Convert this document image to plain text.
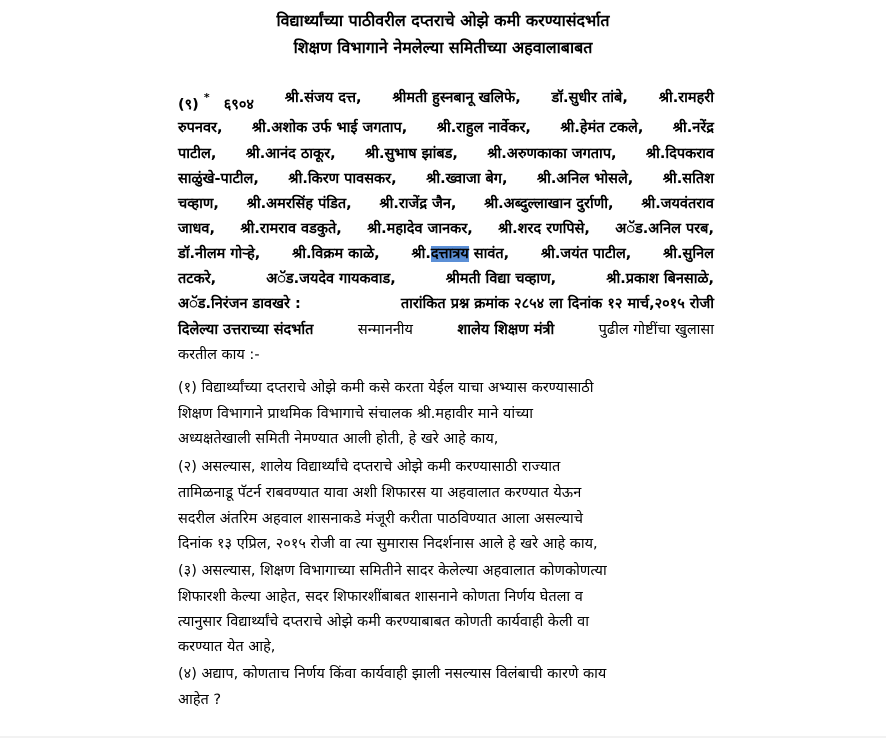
विद्यार्थ्यांच्या पाठीवरील दप्तराचे ओझे कमी करण्यासंदर्भात
शिक्षण विभागाने नेमलेल्या समितीच्या अहवालाबाबत
(९) * ६९०४ श्री.संजय दत्त, श्रीमती हुस्नबानू खलिफे, डॉ.सुधीर तांबे, श्री.रामहरी
रुपनवर, श्री.अशोक उर्फ भाई जगताप, श्री.राहुल नार्वेकर, श्री.हेमंत टकले, श्री.नरेंद्र
पाटील, श्री.आनंद ठाकूर, श्री.सुभाष झांबड, श्री.अरुणकाका जगताप, श्री.दिपकराव
साळुंखे-पाटील, श्री.किरण पावसकर, श्री.ख्वाजा बेग, श्री.अनिल भोसले, श्री.सतिश
चव्हाण, श्री.अमरसिंह पंडित, श्री.राजेंद्र जैन, श्री.अब्दुल्लाखान दुर्राणी, श्री.जयवंतराव
जाधव, श्री.रामराव वडकुते, श्री.महादेव जानकर, श्री.शरद रणपिसे, अॅड.अनिल परब,
डॉ.नीलम गोऱ्हे, श्री.विक्रम काळे, श्री.दत्तात्रय सावंत, श्री.जयंत पाटील, श्री.सुनिल
तटकरे,	अॅड.जयदेव गायकवाड,	श्रीमती विद्या चव्हाण,	श्री.प्रकाश बिनसाळे,
अॅड.निरंजन डावखरे :	तारांकित प्रश्न क्रमांक २८५४ ला दिनांक १२ मार्च,२०१५ रोजी
दिलेल्या उत्तराच्या संदर्भात	सन्माननीय	शालेय शिक्षण मंत्री	पुढील गोष्टींचा खुलासा
करतील काय :-
(१) विद्यार्थ्यांच्या दप्तराचे ओझे कमी कसे करता येईल याचा अभ्यास करण्यासाठी
शिक्षण विभागाने प्राथमिक विभागाचे संचालक श्री.महावीर माने यांच्या
अध्यक्षतेखाली समिती नेमण्यात आली होती, हे खरे आहे काय,
(२) असल्यास, शालेय विद्यार्थ्यांचे दप्तराचे ओझे कमी करण्यासाठी राज्यात
तामिळनाडू पॅटर्न राबवण्यात यावा अशी शिफारस या अहवालात करण्यात येऊन
सदरील अंतरिम अहवाल शासनाकडे मंजूरी करीता पाठविण्यात आला असल्याचे
दिनांक १३ एप्रिल, २०१५ रोजी वा त्या सुमारास निदर्शनास आले हे खरे आहे काय,
(३) असल्यास, शिक्षण विभागाच्या समितीने सादर केलेल्या अहवालात कोणकोणत्या
शिफारशी केल्या आहेत, सदर शिफारशींबाबत शासनाने कोणता निर्णय घेतला व
त्यानुसार विद्यार्थ्यांचे दप्तराचे ओझे कमी करण्याबाबत कोणती कार्यवाही केली वा
करण्यात येत आहे,
(४) अद्याप, कोणताच निर्णय किंवा कार्यवाही झाली नसल्यास विलंबाची कारणे काय
आहेत ?
